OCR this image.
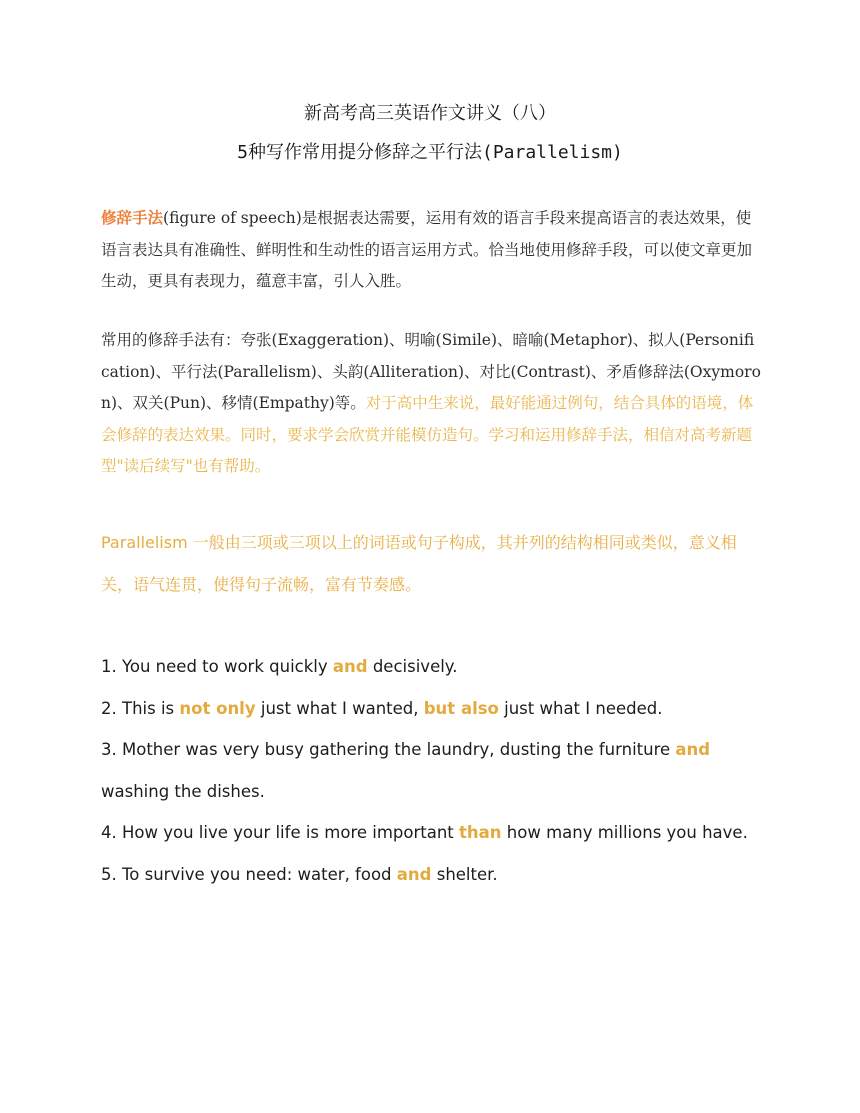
新高考高三英语作文讲义（八）
5种写作常用提分修辞之平行法(Parallelism)

修辞手法(figure of speech)是根据表达需要，运用有效的语言手段来提高语言的表达效果，使语言表达具有准确性、鲜明性和生动性的语言运用方式。恰当地使用修辞手段，可以使文章更加生动，更具有表现力，蕴意丰富，引人入胜。

常用的修辞手法有：夸张(Exaggeration)、明喻(Simile)、暗喻(Metaphor)、拟人(Personification)、平行法(Parallelism)、头韵(Alliteration)、对比(Contrast)、矛盾修辞法(Oxymoron)、双关(Pun)、移情(Empathy)等。对于高中生来说，最好能通过例句，结合具体的语境，体会修辞的表达效果。同时，要求学会欣赏并能模仿造句。学习和运用修辞手法，相信对高考新题型"读后续写"也有帮助。

Parallelism 一般由三项或三项以上的词语或句子构成，其并列的结构相同或类似，意义相关，语气连贯，使得句子流畅，富有节奏感。

1. You need to work quickly and decisively.
2. This is not only just what I wanted, but also just what I needed.
3. Mother was very busy gathering the laundry, dusting the furniture and washing the dishes.
4. How you live your life is more important than how many millions you have.
5. To survive you need: water, food and shelter.
